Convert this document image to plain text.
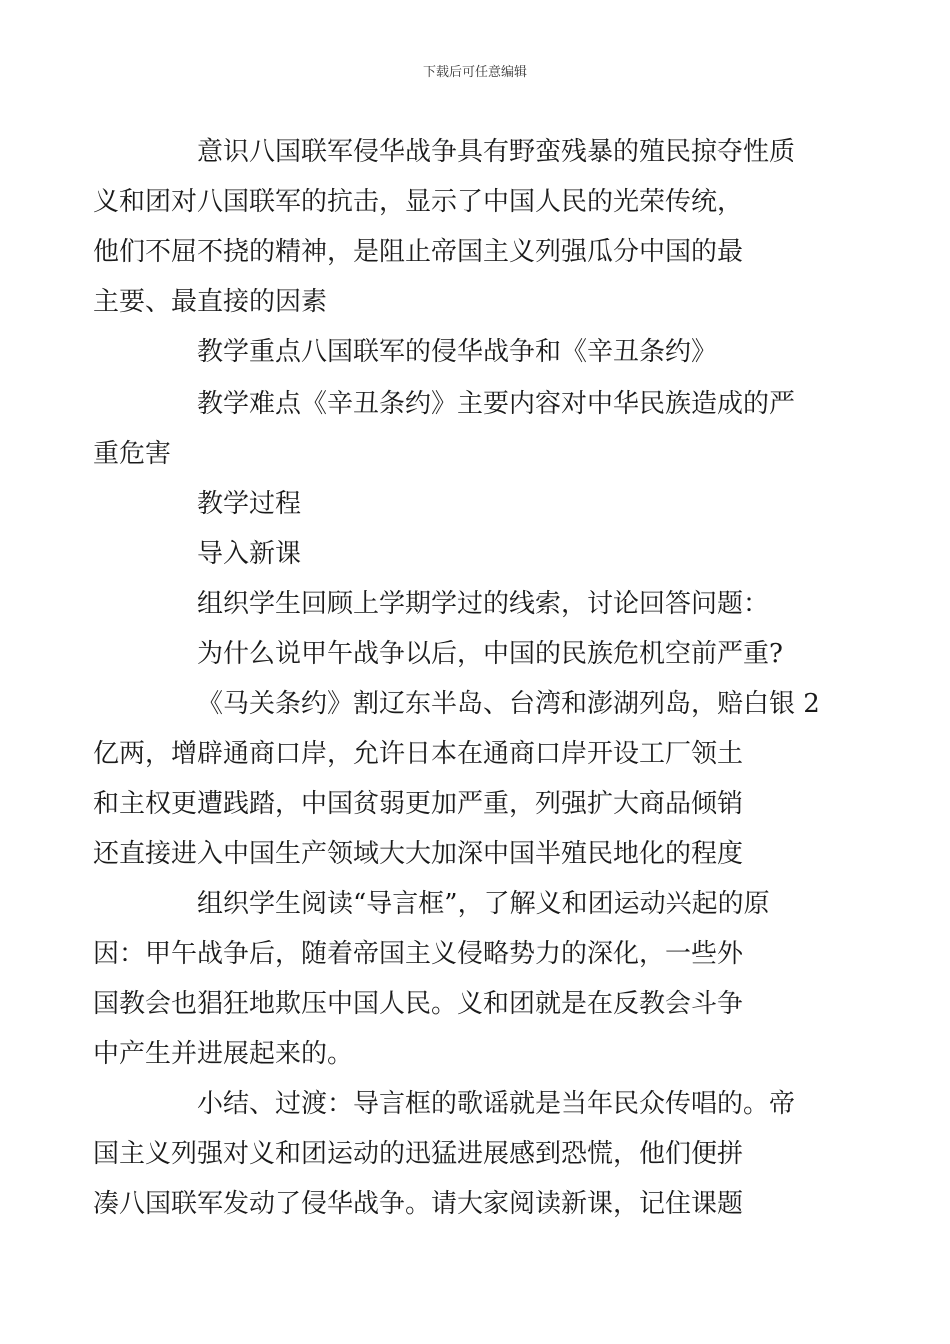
下载后可任意编辑

意识八国联军侵华战争具有野蛮残暴的殖民掠夺性质
义和团对八国联军的抗击，显示了中国人民的光荣传统，
他们不屈不挠的精神，是阻止帝国主义列强瓜分中国的最
主要、最直接的因素

教学重点八国联军的侵华战争和《辛丑条约》

教学难点《辛丑条约》主要内容对中华民族造成的严
重危害

教学过程

导入新课

组织学生回顾上学期学过的线索，讨论回答问题：

为什么说甲午战争以后，中国的民族危机空前严重?

《马关条约》割辽东半岛、台湾和澎湖列岛，赔白银 2
亿两，增辟通商口岸，允许日本在通商口岸开设工厂领土
和主权更遭践踏，中国贫弱更加严重，列强扩大商品倾销
还直接进入中国生产领域大大加深中国半殖民地化的程度

组织学生阅读“导言框”，了解义和团运动兴起的原
因：甲午战争后，随着帝国主义侵略势力的深化，一些外
国教会也猖狂地欺压中国人民。义和团就是在反教会斗争
中产生并进展起来的。

小结、过渡：导言框的歌谣就是当年民众传唱的。帝
国主义列强对义和团运动的迅猛进展感到恐慌，他们便拼
凑八国联军发动了侵华战争。请大家阅读新课，记住课题
